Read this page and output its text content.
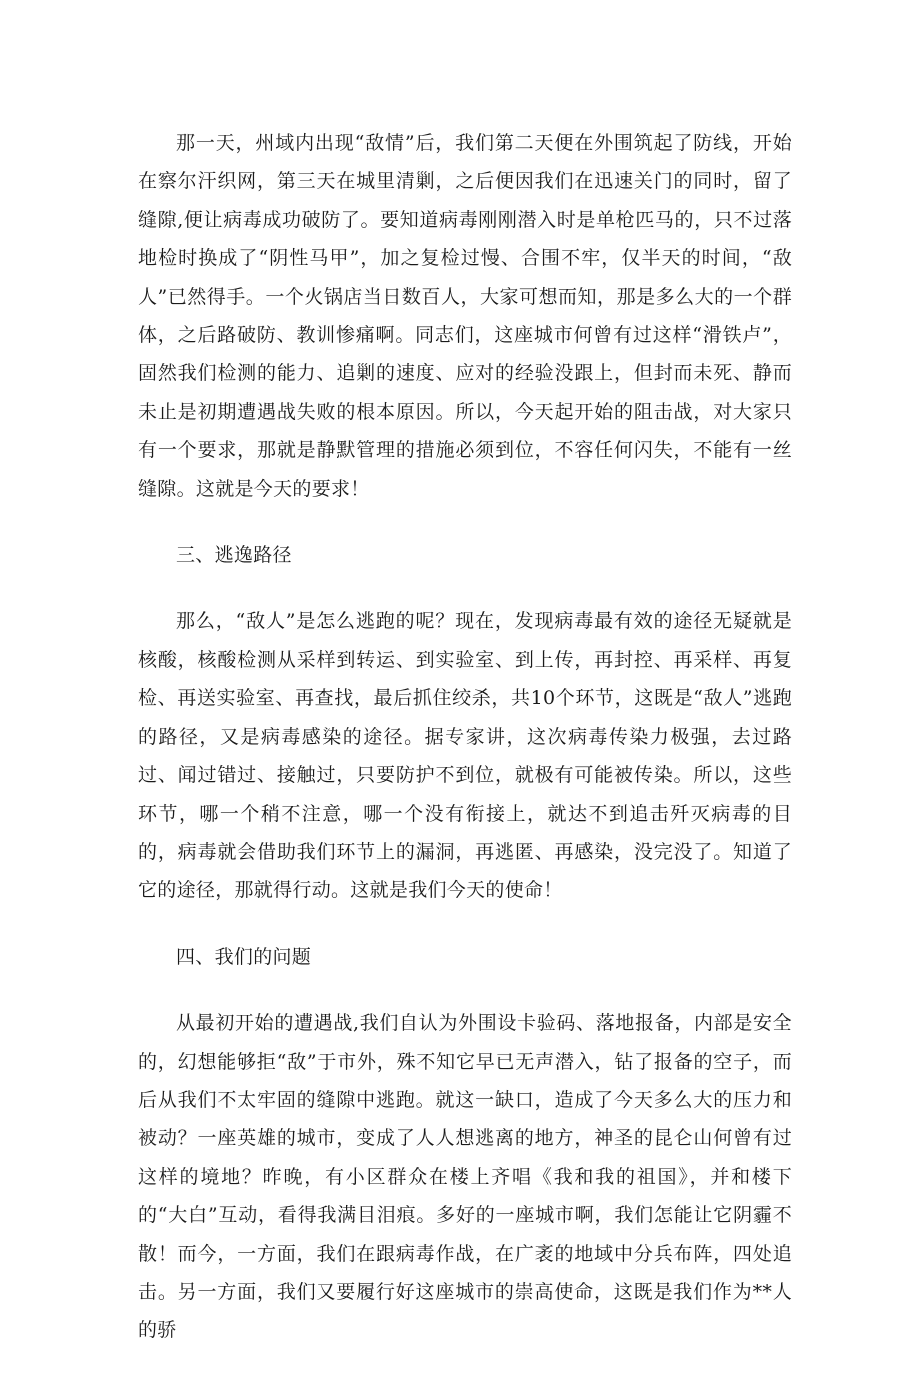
那一天，州域内出现“敌情”后，我们第二天便在外围筑起了防线，开始在察尔汗织网，第三天在城里清剿，之后便因我们在迅速关门的同时，留了缝隙,便让病毒成功破防了。要知道病毒刚刚潜入时是单枪匹马的，只不过落地检时换成了“阴性马甲”，加之复检过慢、合围不牢，仅半天的时间，“敌人”已然得手。一个火锅店当日数百人，大家可想而知，那是多么大的一个群体，之后路破防、教训惨痛啊。同志们，这座城市何曾有过这样“滑铁卢”，固然我们检测的能力、追剿的速度、应对的经验没跟上，但封而未死、静而未止是初期遭遇战失败的根本原因。所以，今天起开始的阻击战，对大家只有一个要求，那就是静默管理的措施必须到位，不容任何闪失，不能有一丝缝隙。这就是今天的要求！

三、逃逸路径

那么，“敌人”是怎么逃跑的呢？现在，发现病毒最有效的途径无疑就是核酸，核酸检测从采样到转运、到实验室、到上传，再封控、再采样、再复检、再送实验室、再查找，最后抓住绞杀，共10个环节，这既是“敌人”逃跑的路径，又是病毒感染的途径。据专家讲，这次病毒传染力极强，去过路过、闻过错过、接触过，只要防护不到位，就极有可能被传染。所以，这些环节，哪一个稍不注意，哪一个没有衔接上，就达不到追击歼灭病毒的目的，病毒就会借助我们环节上的漏洞，再逃匿、再感染，没完没了。知道了它的途径，那就得行动。这就是我们今天的使命！

四、我们的问题

从最初开始的遭遇战,我们自认为外围设卡验码、落地报备，内部是安全的，幻想能够拒“敌”于市外，殊不知它早已无声潜入，钻了报备的空子，而后从我们不太牢固的缝隙中逃跑。就这一缺口，造成了今天多么大的压力和被动？一座英雄的城市，变成了人人想逃离的地方，神圣的昆仑山何曾有过这样的境地？昨晚，有小区群众在楼上齐唱《我和我的祖国》，并和楼下的“大白”互动，看得我满目泪痕。多好的一座城市啊，我们怎能让它阴霾不散！而今，一方面，我们在跟病毒作战，在广袤的地域中分兵布阵，四处追击。另一方面，我们又要履行好这座城市的崇高使命，这既是我们作为**人的骄
